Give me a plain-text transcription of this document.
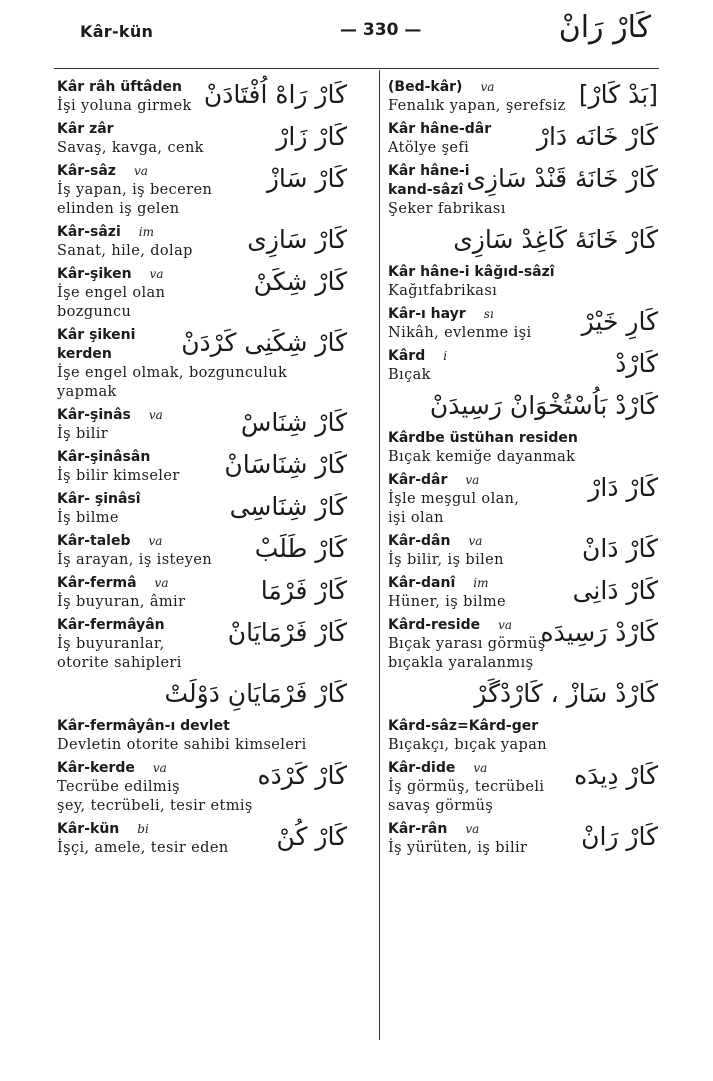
Kâr-kün	— 330 —	كَارْ رَانْ
كَارْ رَاهْ اُفْتَادَنْ
Kâr râh üftâden
İşi yoluna girmek
كَارْ زَارْ
Kâr zâr
Savaş, kavga, cenk
كَارْ سَازْ
Kâr-sâz va
İş yapan, iş beceren
elinden iş gelen
كَارْ سَازِى
Kâr-sâzi im
Sanat, hile, dolap
كَارْ شِكَنْ
Kâr-şiken va
İşe engel olan
bozguncu
كَارْ شِكَنِى كَرْدَنْ
Kâr şikeni
kerden
İşe engel olmak, bozgunculuk
yapmak
كَارْ شِنَاسْ
Kâr-şinâs va
İş bilir
كَارْ شِنَاسَانْ
Kâr-şinâsân
İş bilir kimseler
كَارْ شِنَاسِى
Kâr- şinâsî
İş bilme
كَارْ طَلَبْ
Kâr-taleb va
İş arayan, iş isteyen
كَارْ فَرْمَا
Kâr-fermâ va
İş buyuran, âmir
كَارْ فَرْمَايَانْ
Kâr-fermâyân
İş buyuranlar,
otorite sahipleri
كَارْ فَرْمَايَانِ دَوْلَتْ
Kâr-fermâyân-ı devlet
Devletin otorite sahibi kimseleri
كَارْ كَرْدَه
Kâr-kerde va
Tecrübe edilmiş
şey, tecrübeli, tesir etmiş
كَارْ كُنْ
Kâr-kün bi
İşçi, amele, tesir eden
[بَدْ كَارْ]
(Bed-kâr) va
Fenalık yapan, şerefsiz
كَارْ خَانَه دَارْ
Kâr hâne-dâr
Atölye şefi
كَارْ خَانَهٔ قَنْدْ سَازِى
Kâr hâne-i
kand-sâzî
Şeker fabrikası
كَارْ خَانَهٔ كَاغِدْ سَازِى
Kâr hâne-i kâğıd-sâzî
Kağıtfabrikası
كَارِ خَيْرْ
Kâr-ı hayr sı
Nikâh, evlenme işi
كَارْدْ
Kârd i
Bıçak
كَارْدْ بَاُسْتُخْوَانْ رَسِيدَنْ
Kârdbe üstühan residen
Bıçak kemiğe dayanmak
كَارْ دَارْ
Kâr-dâr va
İşle meşgul olan,
işi olan
كَارْ دَانْ
Kâr-dân va
İş bilir, iş bilen
كَارْ دَانِى
Kâr-danî im
Hüner, iş bilme
كَارْدْ رَسِيدَه
Kârd-reside va
Bıçak yarası görmüş
bıçakla yaralanmış
كَارْدْ سَازْ ، كَارْدْگَرْ
Kârd-sâz=Kârd-ger
Bıçakçı, bıçak yapan
كَارْ دِيدَه
Kâr-dide va
İş görmüş, tecrübeli
savaş görmüş
كَارْ رَانْ
Kâr-rân va
İş yürüten, iş bilir
